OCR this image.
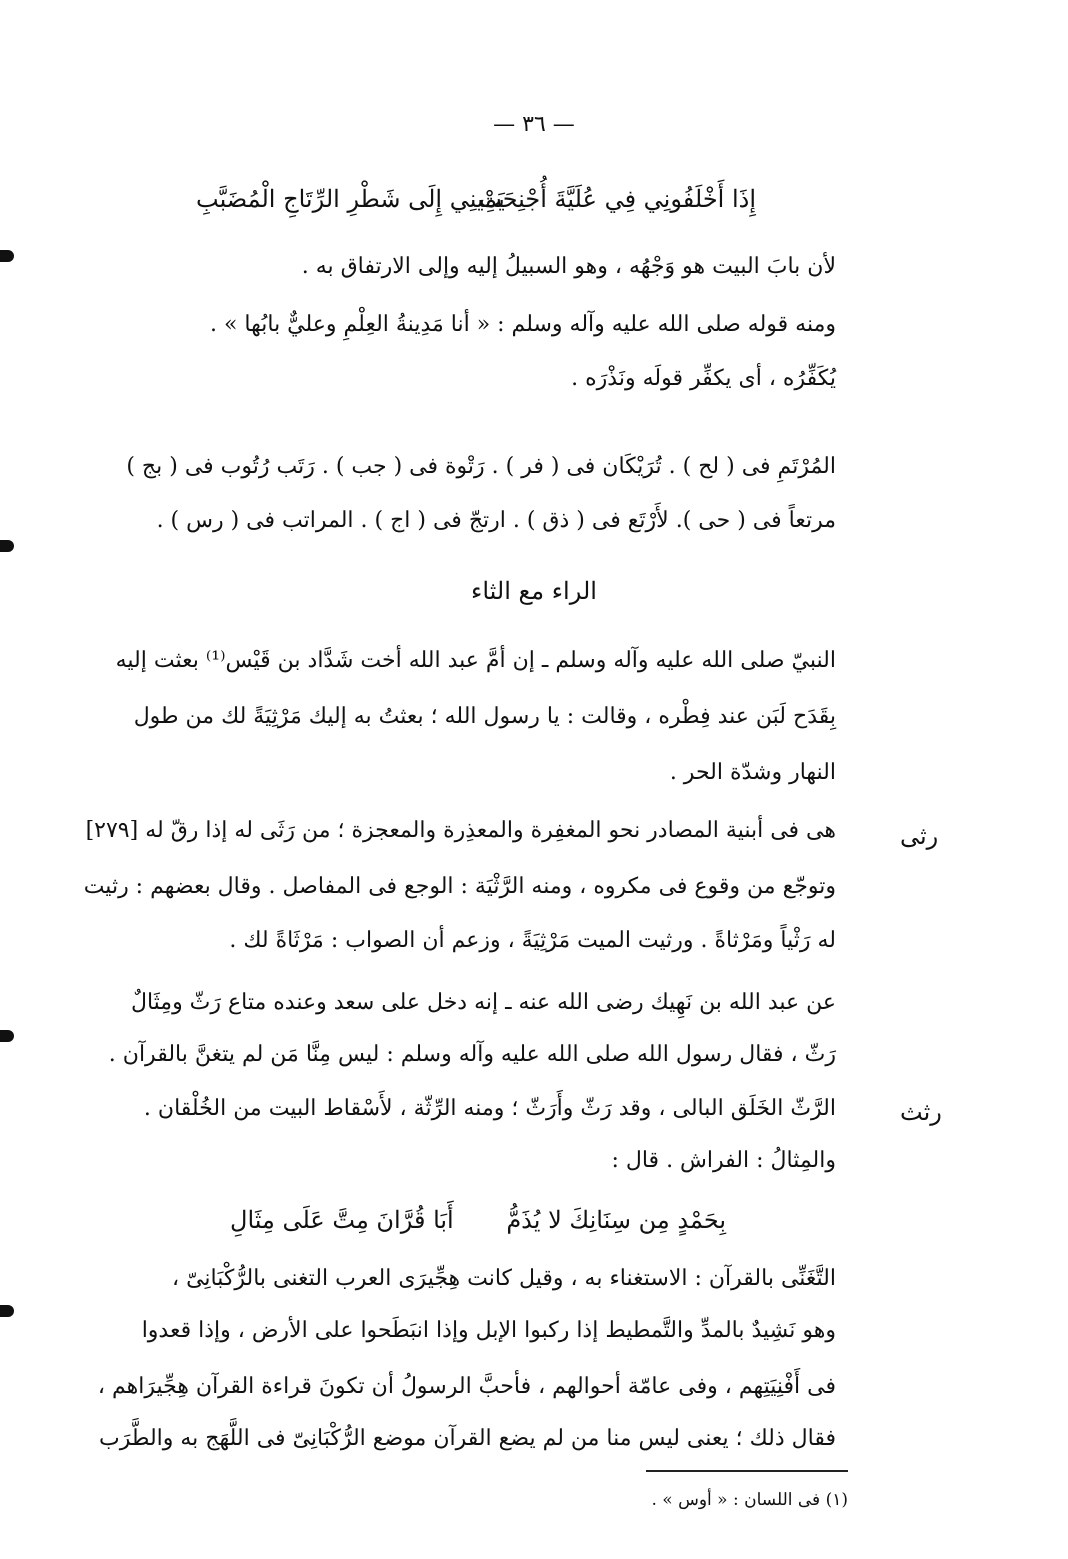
— ٣٦ —
إِذَا أَخْلَفُونِي فِي عُلَيَّةَ أُجْنِحَتْ
يَمِينِي إِلَى شَطْرِ الرِّتَاجِ الْمُضَبَّبِ
لأن بابَ البيت هو وَجْهُه ، وهو السبيلُ إليه وإلى الارتفاق به .
ومنه قوله صلى الله عليه وآله وسلم : « أنا مَدِينةُ العِلْمِ وعليٌّ بابُها » .
يُكَفِّرُه ، أى يكفِّر قولَه ونَذْرَه .
المُرْتَمِ فى ( لح ) . تُرَيْكَان فى ( فر ) . رَتْوة فى ( جب ) . رَتَب رُتُوب فى ( بج )
مرتعاً فى ( حى ). لأَرْتَع فى ( ذق ) . ارتجّ فى ( اج ) . المراتب فى ( رس ) .
الراء مع الثاء
النبيّ صلى الله عليه وآله وسلم ـ إن أمَّ عبد الله أخت شَدَّاد بن قَيْس⁽¹⁾ بعثت إليه
بِقَدَح لَبَن عند فِطْره ، وقالت : يا رسول الله ؛ بعثتُ به إليك مَرْثِيَةً لك من طول
النهار وشدّة الحر .
رثى
هى فى أبنية المصادر نحو المغفِرة والمعذِرة والمعجزة ؛ من رَثَى له إذا رقّ له [٢٧٩]
وتوجّع من وقوع فى مكروه ، ومنه الرَّثْيَة : الوجع فى المفاصل . وقال بعضهم : رثيت
له رَثْياً ومَرْثاةً . ورثيت الميت مَرْثِيَةً ، وزعم أن الصواب : مَرْثَاةً لك .
عن عبد الله بن نَهِيك رضى الله عنه ـ إنه دخل على سعد وعنده متاع رَثّ ومِثَالٌ
رَثّ ، فقال رسول الله صلى الله عليه وآله وسلم : ليس مِنَّا مَن لم يتغنَّ بالقرآن .
رثث
الرَّثّ الخَلَق البالى ، وقد رَثّ وأَرَثّ ؛ ومنه الرِّثّة ، لأَسْقاط البيت من الخُلْقان .
والمِثالُ : الفراش . قال :
بِحَمْدٍ مِن سِنَانِكَ لا يُذَمُّ
أَبَا قُرَّانَ مِتَّ عَلَى مِثَالِ
التَّغَنِّى بالقرآن : الاستغناء به ، وقيل كانت هِجِّيرَى العرب التغنى بالرُّكْبَانِىّ ،
وهو نَشِيدٌ بالمدِّ والتَّمطيط إذا ركبوا الإبل وإذا انبَطَحوا على الأرض ، وإذا قعدوا
فى أَفْنِيَتِهم ، وفى عامّة أحوالهم ، فأحبَّ الرسولُ أن تكونَ قراءة القرآن هِجِّيرَاهم ،
فقال ذلك ؛ يعنى ليس منا من لم يضع القرآن موضع الرُّكْبَانِىّ فى اللَّهَج به والطَّرَب
(١) فى اللسان : « أوس » .
